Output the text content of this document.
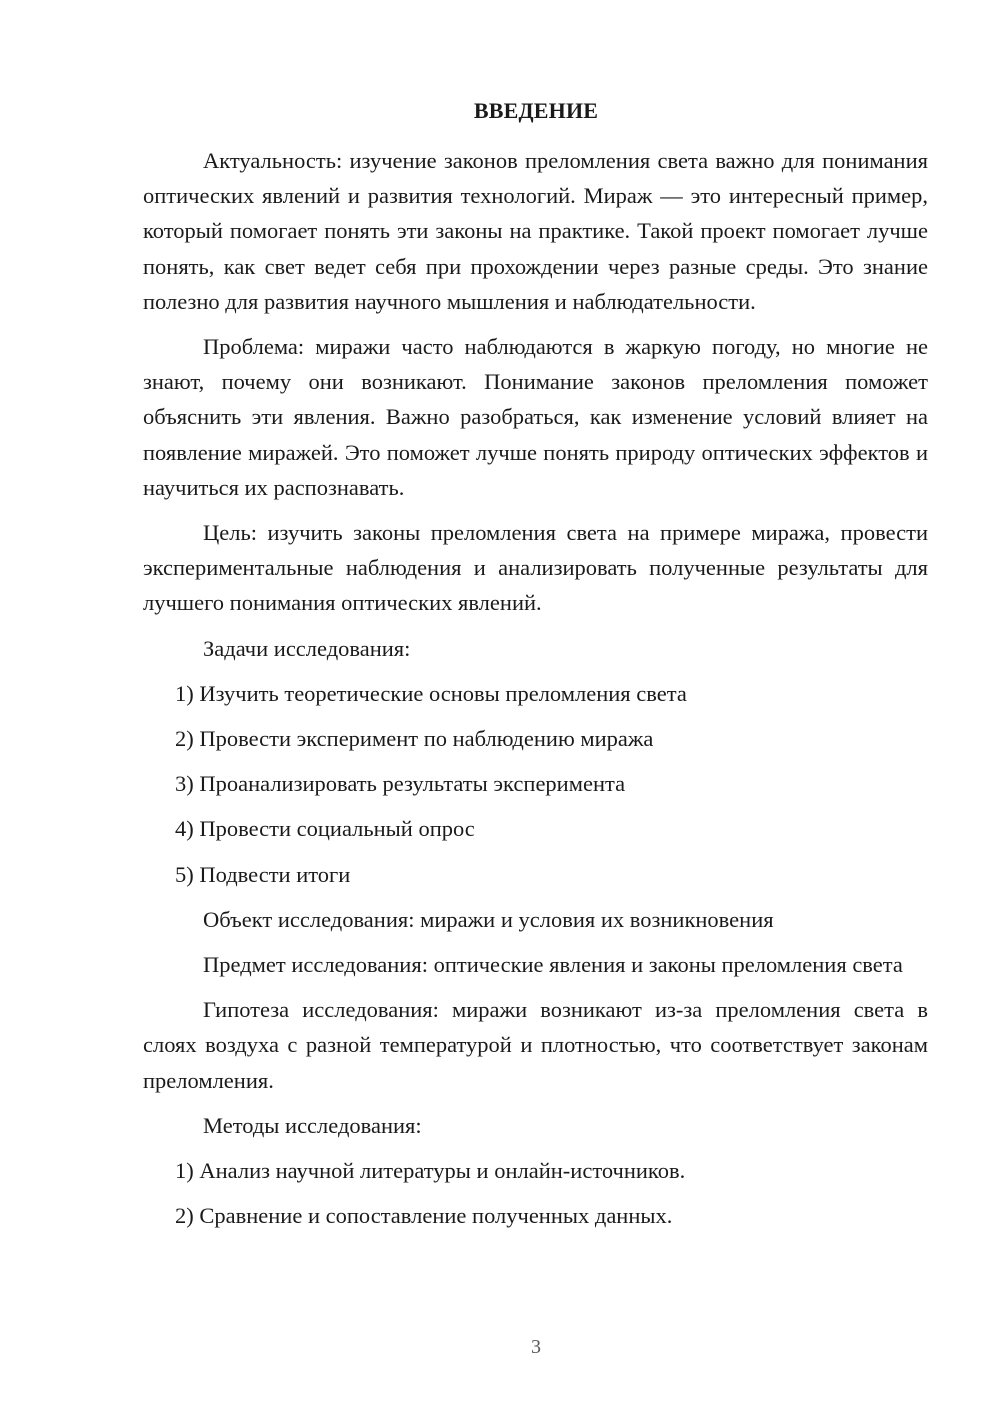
ВВЕДЕНИЕ

Актуальность: изучение законов преломления света важно для понимания оптических явлений и развития технологий. Мираж — это интересный пример, который помогает понять эти законы на практике. Такой проект помогает лучше понять, как свет ведет себя при прохождении через разные среды. Это знание полезно для развития научного мышления и наблюдательности.

Проблема: миражи часто наблюдаются в жаркую погоду, но многие не знают, почему они возникают. Понимание законов преломления поможет объяснить эти явления. Важно разобраться, как изменение условий влияет на появление миражей. Это поможет лучше понять природу оптических эффектов и научиться их распознавать.

Цель: изучить законы преломления света на примере миража, провести экспериментальные наблюдения и анализировать полученные результаты для лучшего понимания оптических явлений.

Задачи исследования:

1) Изучить теоретические основы преломления света

2) Провести эксперимент по наблюдению миража

3) Проанализировать результаты эксперимента

4) Провести социальный опрос

5) Подвести итоги

Объект исследования: миражи и условия их возникновения

Предмет исследования: оптические явления и законы преломления света

Гипотеза исследования: миражи возникают из-за преломления света в слоях воздуха с разной температурой и плотностью, что соответствует законам преломления.

Методы исследования:

1) Анализ научной литературы и онлайн-источников.

2) Сравнение и сопоставление полученных данных.

3
